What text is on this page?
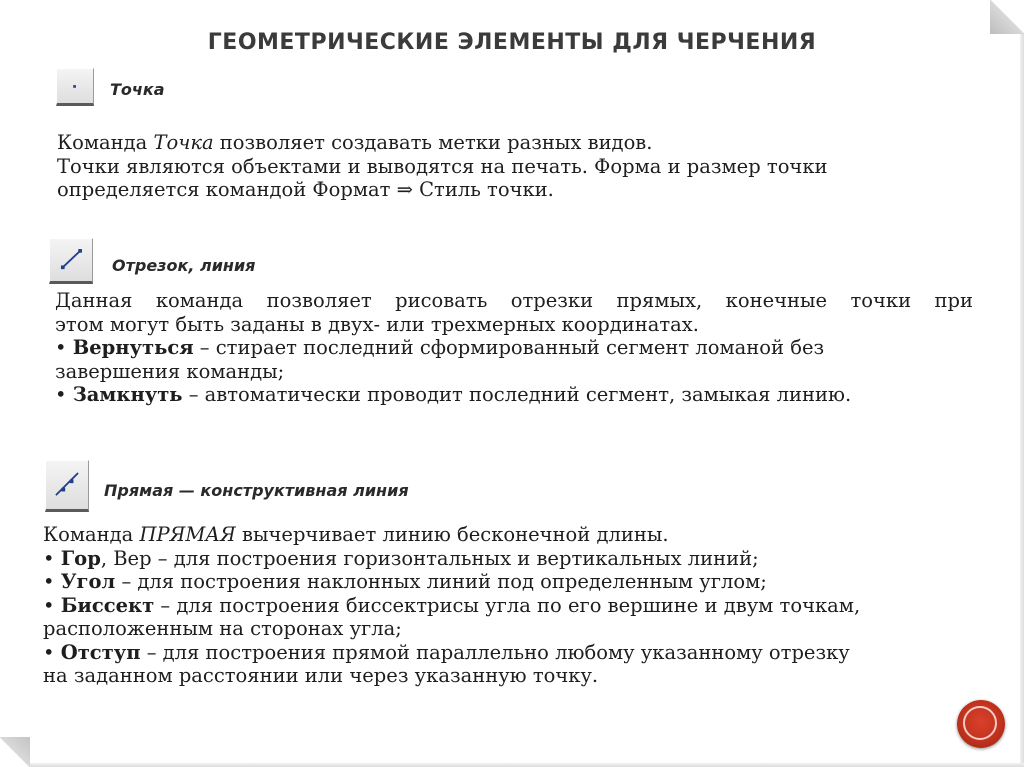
ГЕОМЕТРИЧЕСКИЕ ЭЛЕМЕНТЫ ДЛЯ ЧЕРЧЕНИЯ
Точка
Команда Точка позволяет создавать метки разных видов.
Точки являются объектами и выводятся на печать. Форма и размер точки
определяется командой Формат ⇒ Стиль точки.
Отрезок, линия
Данная команда позволяет рисовать отрезки прямых, конечные точки при
этом могут быть заданы в двух- или трехмерных координатах.
• Вернуться – стирает последний сформированный сегмент ломаной без
завершения команды;
• Замкнуть – автоматически проводит последний сегмент, замыкая линию.
Прямая — конструктивная линия
Команда ПРЯМАЯ вычерчивает линию бесконечной длины.
• Гор, Вер – для построения горизонтальных и вертикальных линий;
• Угол – для построения наклонных линий под определенным углом;
• Биссект – для построения биссектрисы угла по его вершине и двум точкам,
расположенным на сторонах угла;
• Отступ – для построения прямой параллельно любому указанному отрезку
на заданном расстоянии или через указанную точку.
